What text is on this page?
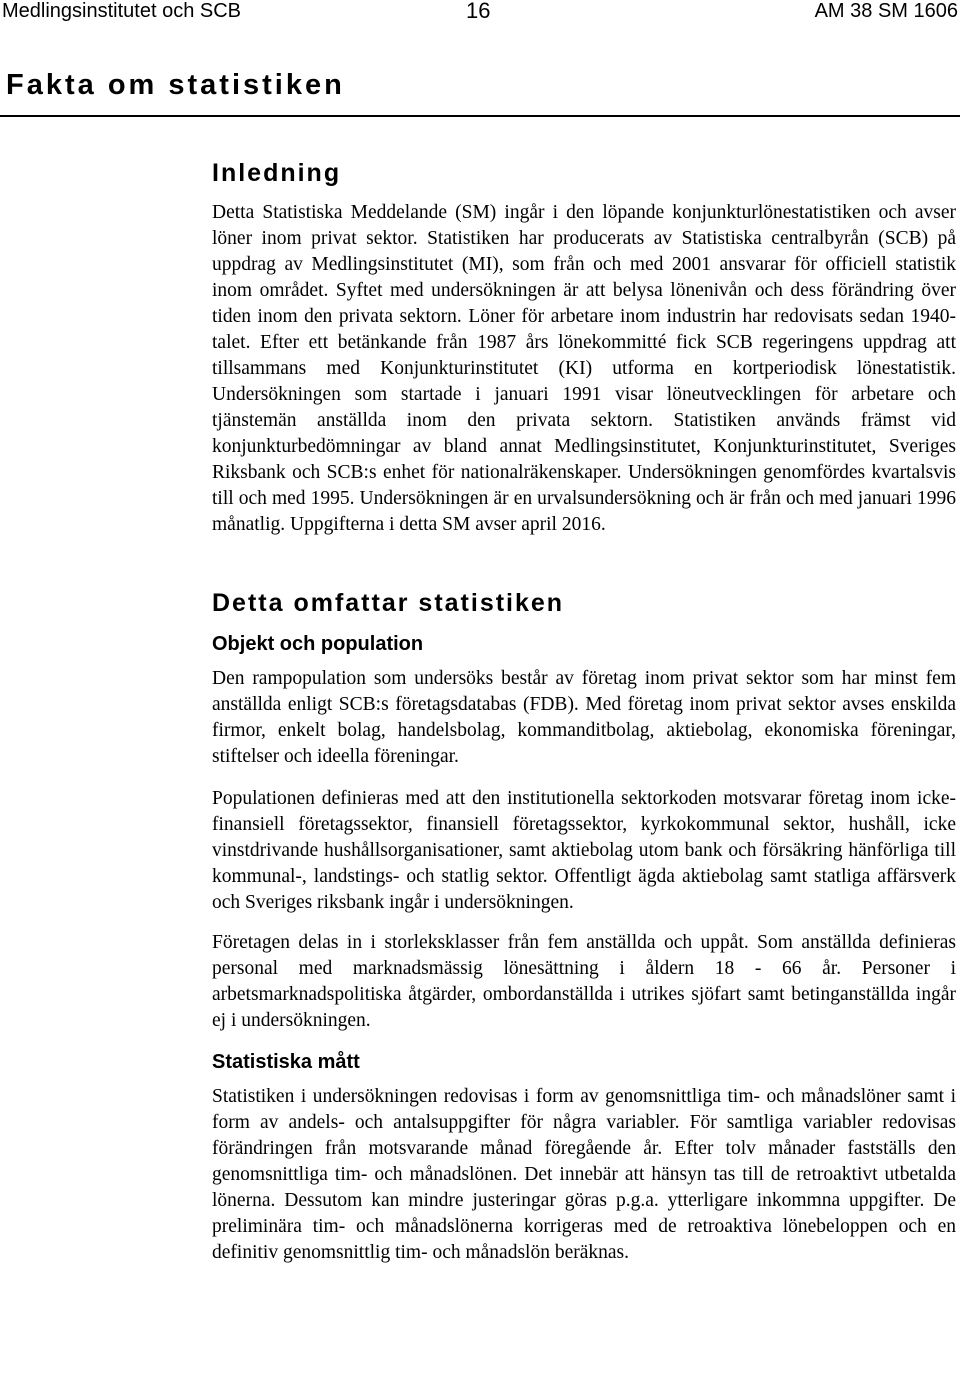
Medlingsinstitutet och SCB	16	AM 38 SM 1606
Fakta om statistiken
Inledning

Detta Statistiska Meddelande (SM) ingår i den löpande konjunkturlönestatistiken och avser löner inom privat sektor. Statistiken har producerats av Statistiska centralbyrån (SCB) på uppdrag av Medlingsinstitutet (MI), som från och med 2001 ansvarar för officiell statistik inom området. Syftet med undersökningen är att belysa lönenivån och dess förändring över tiden inom den privata sektorn. Löner för arbetare inom industrin har redovisats sedan 1940-talet. Efter ett betänkande från 1987 års lönekommitté fick SCB regeringens uppdrag att tillsammans med Konjunkturinstitutet (KI) utforma en kortperiodisk lönestatistik. Undersökningen som startade i januari 1991 visar löneutvecklingen för arbetare och tjänstemän anställda inom den privata sektorn. Statistiken används främst vid konjunkturbedömningar av bland annat Medlingsinstitutet, Konjunkturinstitutet, Sveriges Riksbank och SCB:s enhet för nationalräkenskaper. Undersökningen genomfördes kvartalsvis till och med 1995. Undersökningen är en urvalsundersökning och är från och med januari 1996 månatlig. Uppgifterna i detta SM avser april 2016.

Detta omfattar statistiken
Objekt och population

Den rampopulation som undersöks består av företag inom privat sektor som har minst fem anställda enligt SCB:s företagsdatabas (FDB). Med företag inom privat sektor avses enskilda firmor, enkelt bolag, handelsbolag, kommanditbolag, aktiebolag, ekonomiska föreningar, stiftelser och ideella föreningar.

Populationen definieras med att den institutionella sektorkoden motsvarar företag inom icke-finansiell företagssektor, finansiell företagssektor, kyrkokommunal sektor, hushåll, icke vinstdrivande hushållsorganisationer, samt aktiebolag utom bank och försäkring hänförliga till kommunal-, landstings- och statlig sektor. Offentligt ägda aktiebolag samt statliga affärsverk och Sveriges riksbank ingår i undersökningen.

Företagen delas in i storleksklasser från fem anställda och uppåt. Som anställda definieras personal med marknadsmässig lönesättning i åldern 18 - 66 år. Personer i arbetsmarknadspolitiska åtgärder, ombordanställda i utrikes sjöfart samt betinganställda ingår ej i undersökningen.

Statistiska mått

Statistiken i undersökningen redovisas i form av genomsnittliga tim- och månadslöner samt i form av andels- och antalsuppgifter för några variabler. För samtliga variabler redovisas förändringen från motsvarande månad föregående år. Efter tolv månader fastställs den genomsnittliga tim- och månadslönen. Det innebär att hänsyn tas till de retroaktivt utbetalda lönerna. Dessutom kan mindre justeringar göras p.g.a. ytterligare inkommna uppgifter. De preliminära tim- och månadslönerna korrigeras med de retroaktiva lönebeloppen och en definitiv genomsnittlig tim- och månadslön beräknas.
